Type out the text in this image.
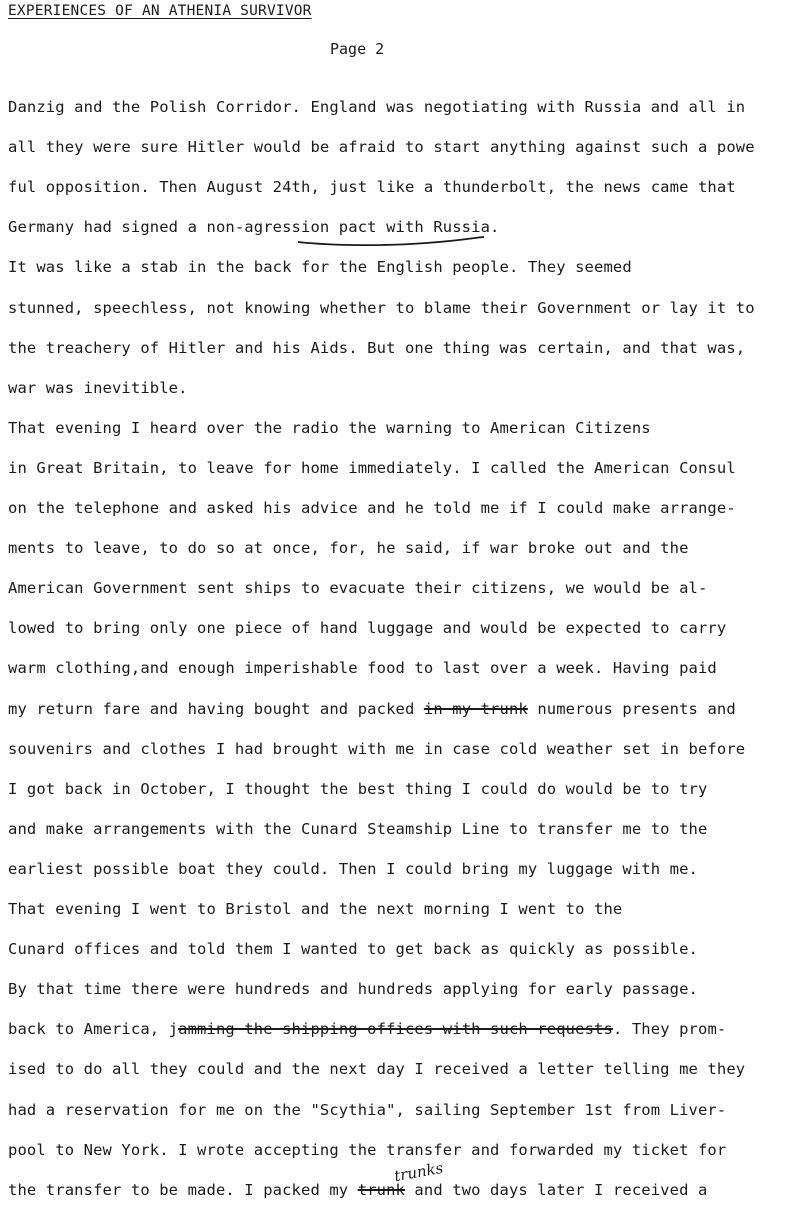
EXPERIENCES OF AN ATHENIA SURVIVOR
Page 2
Danzig and the Polish Corridor. England was negotiating with Russia and all in
all they were sure Hitler would be afraid to start anything against such a powe
ful opposition. Then August 24th, just like a thunderbolt, the news came that
Germany had signed a non-agression pact with Russia.
It was like a stab in the back for the English people. They seemed
stunned, speechless, not knowing whether to blame their Government or lay it to
the treachery of Hitler and his Aids. But one thing was certain, and that was,
war was inevitible.
That evening I heard over the radio the warning to American Citizens
in Great Britain, to leave for home immediately. I called the American Consul
on the telephone and asked his advice and he told me if I could make arrange-
ments to leave, to do so at once, for, he said, if war broke out and the
American Government sent ships to evacuate their citizens, we would be al-
lowed to bring only one piece of hand luggage and would be expected to carry
warm clothing,and enough imperishable food to last over a week. Having paid
my return fare and having bought and packed in my trunk numerous presents and
souvenirs and clothes I had brought with me in case cold weather set in before
I got back in October, I thought the best thing I could do would be to try
and make arrangements with the Cunard Steamship Line to transfer me to the
earliest possible boat they could. Then I could bring my luggage with me.
That evening I went to Bristol and the next morning I went to the
Cunard offices and told them I wanted to get back as quickly as possible.
By that time there were hundreds and hundreds applying for early passage.
back to America, jamming the shipping offices with such requests. They prom-
ised to do all they could and the next day I received a letter telling me they
had a reservation for me on the "Scythia", sailing September 1st from Liver-
pool to New York. I wrote accepting the transfer and forwarded my ticket for
the transfer to be made. I packed my trunk and two days later I received a
trunks
